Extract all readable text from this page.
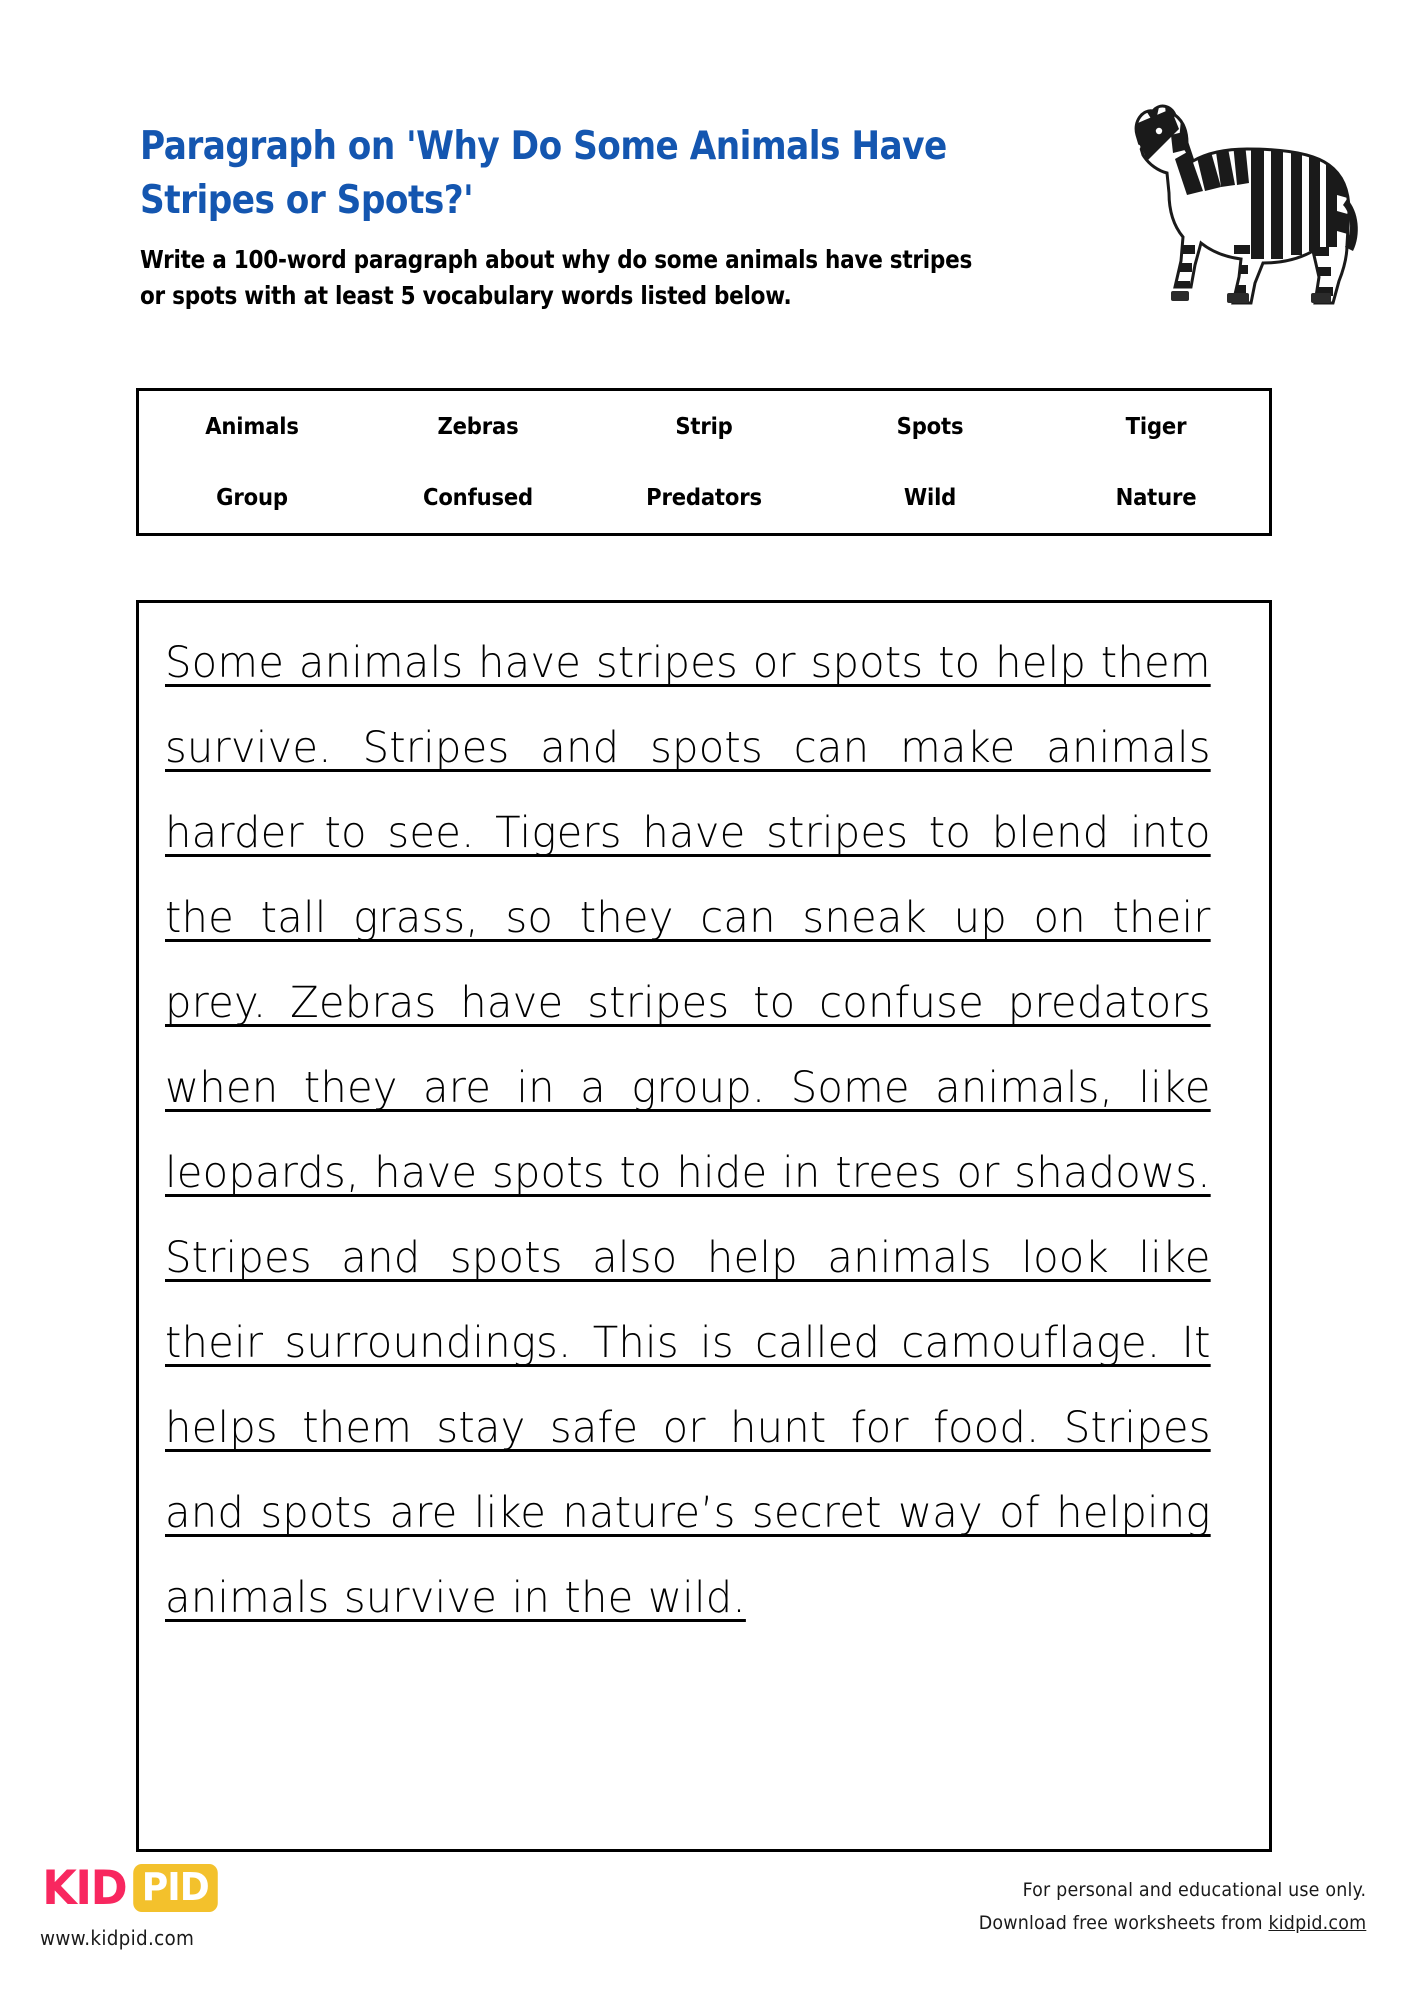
Paragraph on 'Why Do Some Animals Have Stripes or Spots?'

Write a 100-word paragraph about why do some animals have stripes or spots with at least 5 vocabulary words listed below.

Animals	Zebras	Strip	Spots	Tiger
Group	Confused	Predators	Wild	Nature

Some animals have stripes or spots to help them survive. Stripes and spots can make animals harder to see. Tigers have stripes to blend into the tall grass, so they can sneak up on their prey. Zebras have stripes to confuse predators when they are in a group. Some animals, like leopards, have spots to hide in trees or shadows. Stripes and spots also help animals look like their surroundings. This is called camouflage. It helps them stay safe or hunt for food. Stripes and spots are like nature’s secret way of helping animals survive in the wild.

KID PID
www.kidpid.com
For personal and educational use only.
Download free worksheets from kidpid.com
